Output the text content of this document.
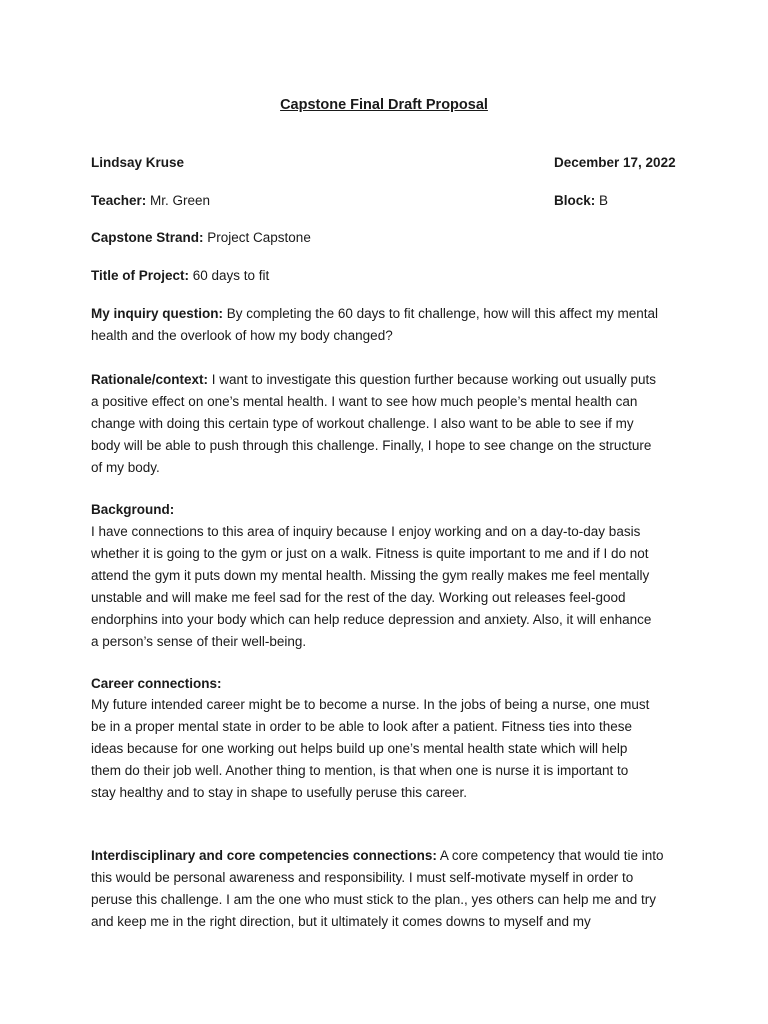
Capstone Final Draft Proposal
Lindsay Kruse	December 17, 2022
Teacher: Mr. Green	Block: B
Capstone Strand: Project Capstone
Title of Project: 60 days to fit
My inquiry question: By completing the 60 days to fit challenge, how will this affect my mental
health and the overlook of how my body changed?
Rationale/context: I want to investigate this question further because working out usually puts
a positive effect on one’s mental health. I want to see how much people’s mental health can
change with doing this certain type of workout challenge. I also want to be able to see if my
body will be able to push through this challenge. Finally, I hope to see change on the structure
of my body.
Background:
I have connections to this area of inquiry because I enjoy working and on a day-to-day basis
whether it is going to the gym or just on a walk. Fitness is quite important to me and if I do not
attend the gym it puts down my mental health. Missing the gym really makes me feel mentally
unstable and will make me feel sad for the rest of the day. Working out releases feel-good
endorphins into your body which can help reduce depression and anxiety. Also, it will enhance
a person’s sense of their well-being.
Career connections:
My future intended career might be to become a nurse. In the jobs of being a nurse, one must
be in a proper mental state in order to be able to look after a patient. Fitness ties into these
ideas because for one working out helps build up one’s mental health state which will help
them do their job well. Another thing to mention, is that when one is nurse it is important to
stay healthy and to stay in shape to usefully peruse this career.
Interdisciplinary and core competencies connections: A core competency that would tie into
this would be personal awareness and responsibility. I must self-motivate myself in order to
peruse this challenge. I am the one who must stick to the plan., yes others can help me and try
and keep me in the right direction, but it ultimately it comes downs to myself and my
